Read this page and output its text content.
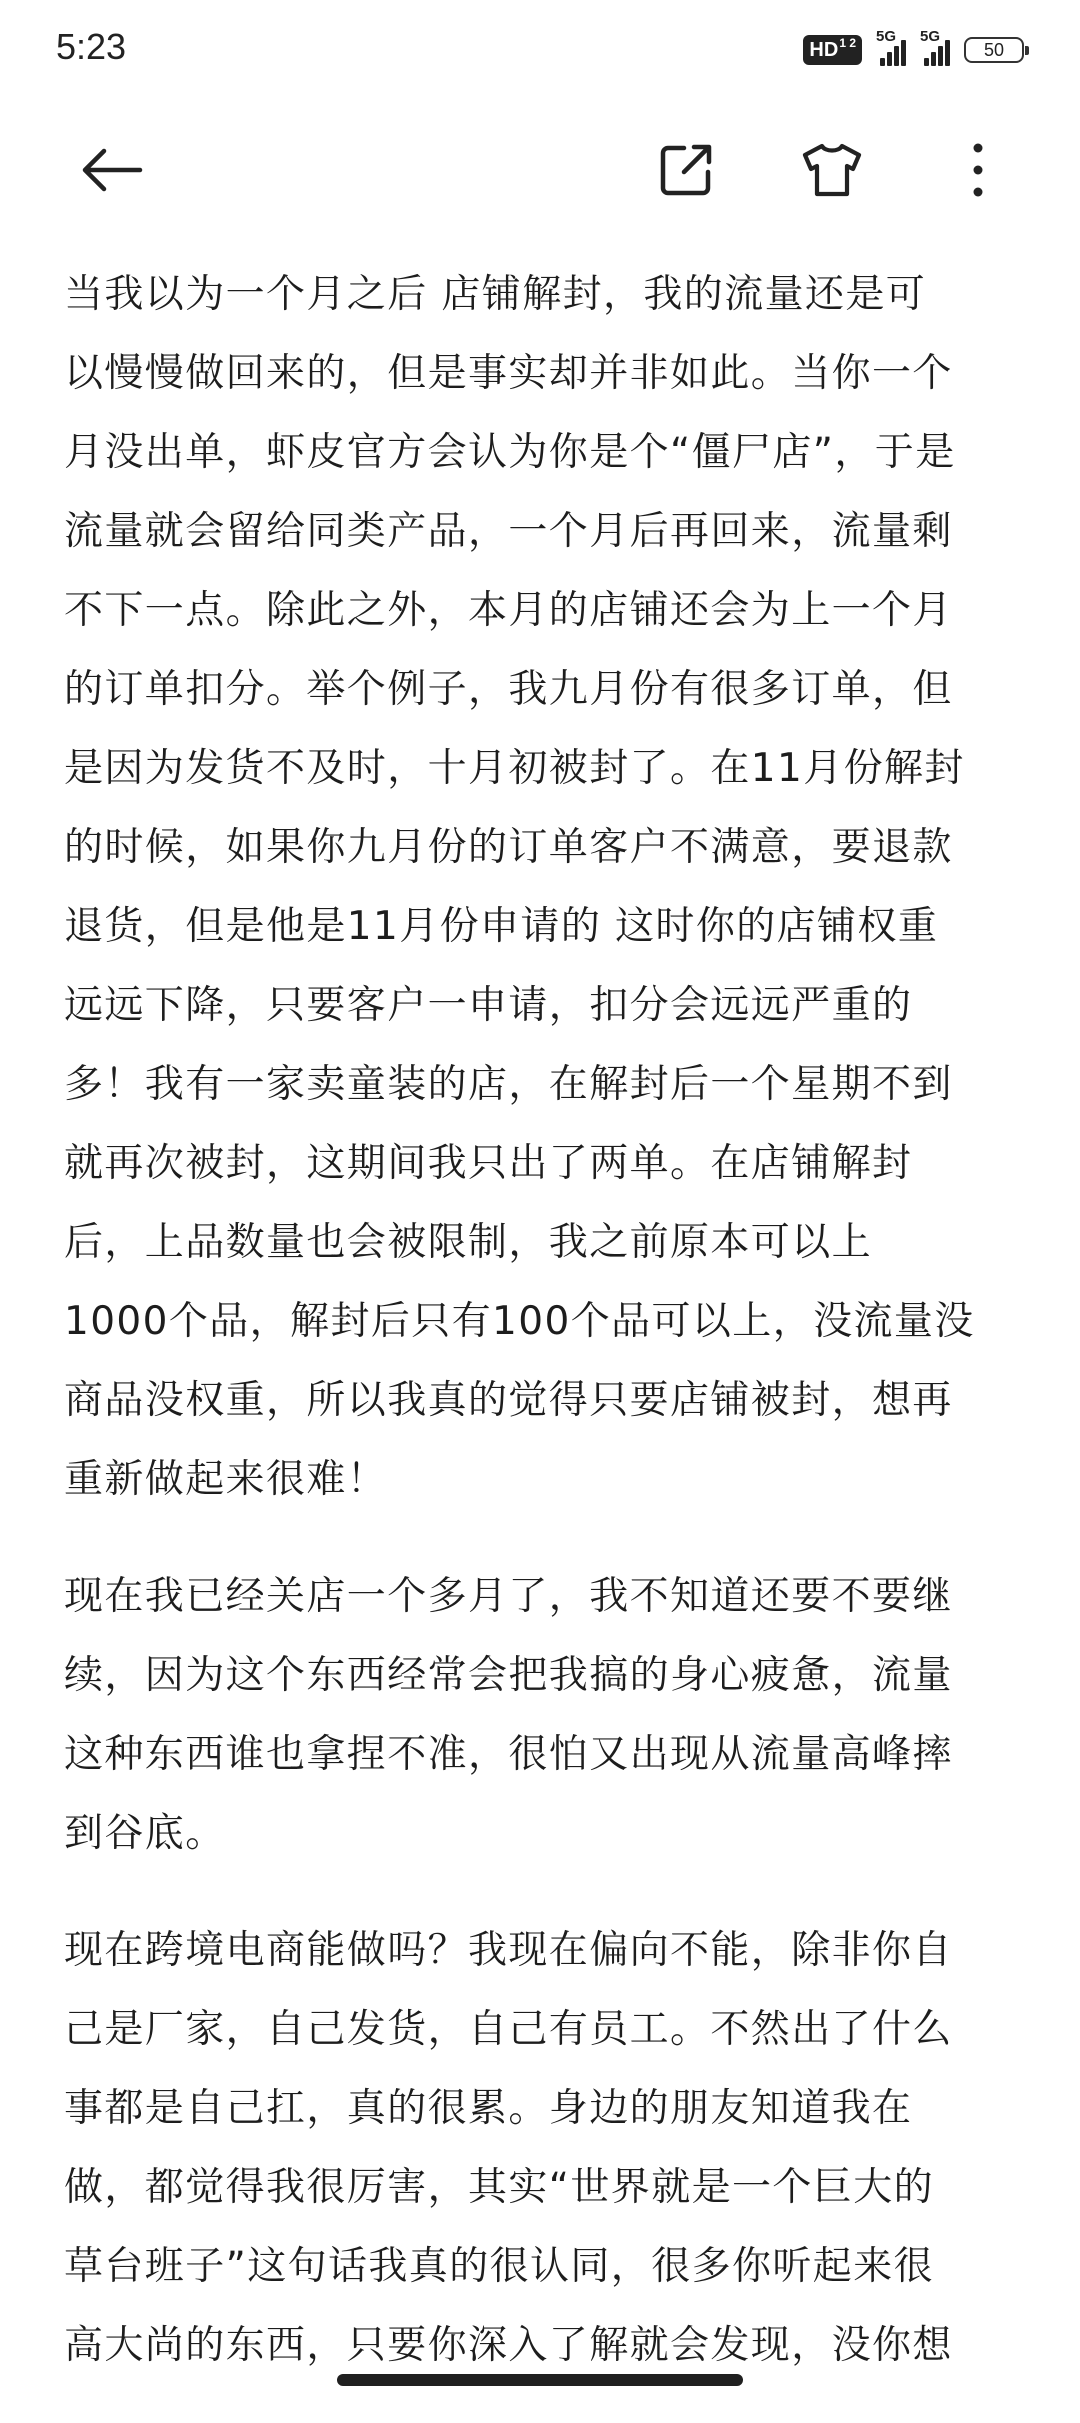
5:23	$HD^{1 2}$ 5G 5G
50

当我以为一个月之后 店铺解封，我的流量还是可
以慢慢做回来的，但是事实却并非如此。当你一个
月没出单，虾皮官方会认为你是个“僵尸店”，于是
流量就会留给同类产品，一个月后再回来，流量剩
不下一点。除此之外，本月的店铺还会为上一个月
的订单扣分。举个例子，我九月份有很多订单，但
是因为发货不及时，十月初被封了。在11月份解封
的时候，如果你九月份的订单客户不满意，要退款
退货，但是他是11月份申请的 这时你的店铺权重
远远下降，只要客户一申请，扣分会远远严重的
多！我有一家卖童装的店，在解封后一个星期不到
就再次被封，这期间我只出了两单。在店铺解封
后，上品数量也会被限制，我之前原本可以上
1000个品，解封后只有100个品可以上，没流量没
商品没权重，所以我真的觉得只要店铺被封，想再
重新做起来很难！

现在我已经关店一个多月了，我不知道还要不要继
续，因为这个东西经常会把我搞的身心疲惫，流量
这种东西谁也拿捏不准，很怕又出现从流量高峰摔
到谷底。

现在跨境电商能做吗？我现在偏向不能，除非你自
己是厂家，自己发货，自己有员工。不然出了什么
事都是自己扛，真的很累。身边的朋友知道我在
做，都觉得我很厉害，其实“世界就是一个巨大的
草台班子”这句话我真的很认同，很多你听起来很
高大尚的东西，只要你深入了解就会发现，没你想
